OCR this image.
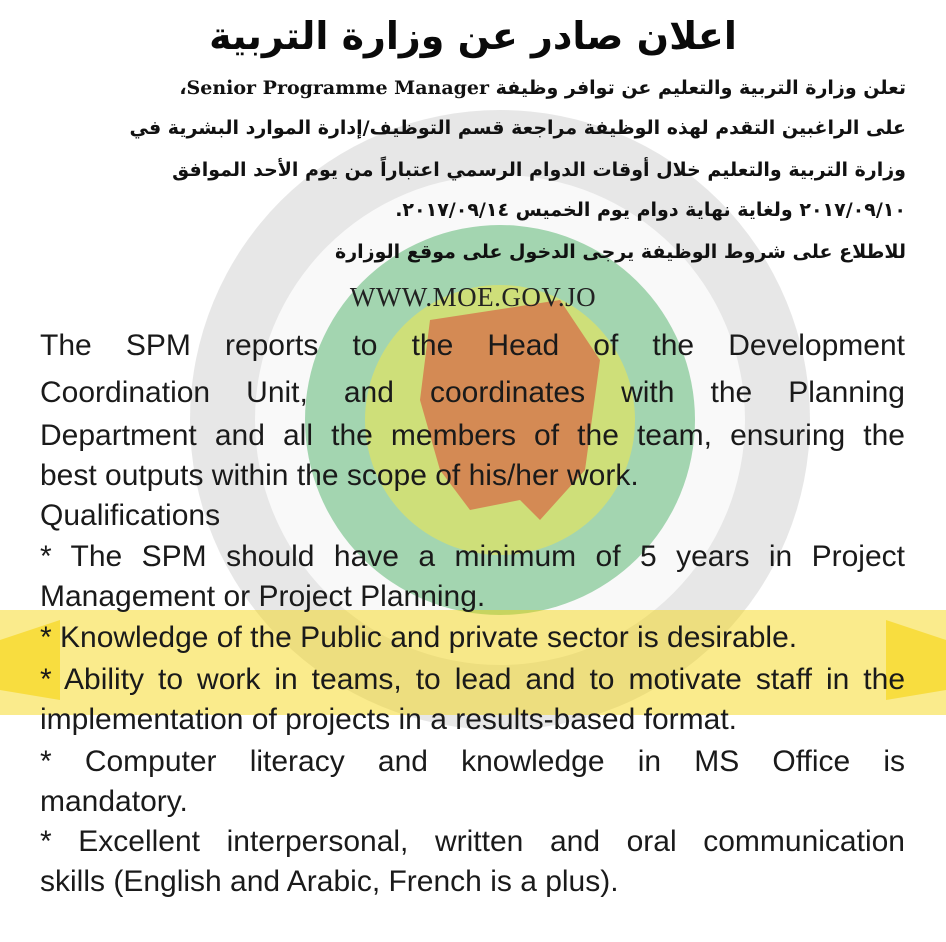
اعلان صادر عن وزارة التربية
تعلن وزارة التربية والتعليم عن توافر وظيفة Senior Programme Manager،
على الراغبين التقدم لهذه الوظيفة مراجعة قسم التوظيف/إدارة الموارد البشرية في
وزارة التربية والتعليم خلال أوقات الدوام الرسمي اعتباراً من يوم الأحد الموافق
٢٠١٧/٠٩/١٠ ولغاية نهاية دوام يوم الخميس ٢٠١٧/٠٩/١٤.
للاطلاع على شروط الوظيفة يرجى الدخول على موقع الوزارة
WWW.MOE.GOV.JO
The SPM reports to the Head of the Development
Coordination Unit, and coordinates with the Planning
Department and all the members of the team, ensuring the
best outputs within the scope of his/her work.
Qualifications
* The SPM should have a minimum of 5 years in Project
Management or Project Planning.
* Knowledge of the Public and private sector is desirable.
* Ability to work in teams, to lead and to motivate staff in the
implementation of projects in a results-based format.
* Computer literacy and knowledge in MS Office is
mandatory.
* Excellent interpersonal, written and oral communication
skills (English and Arabic, French is a plus).
